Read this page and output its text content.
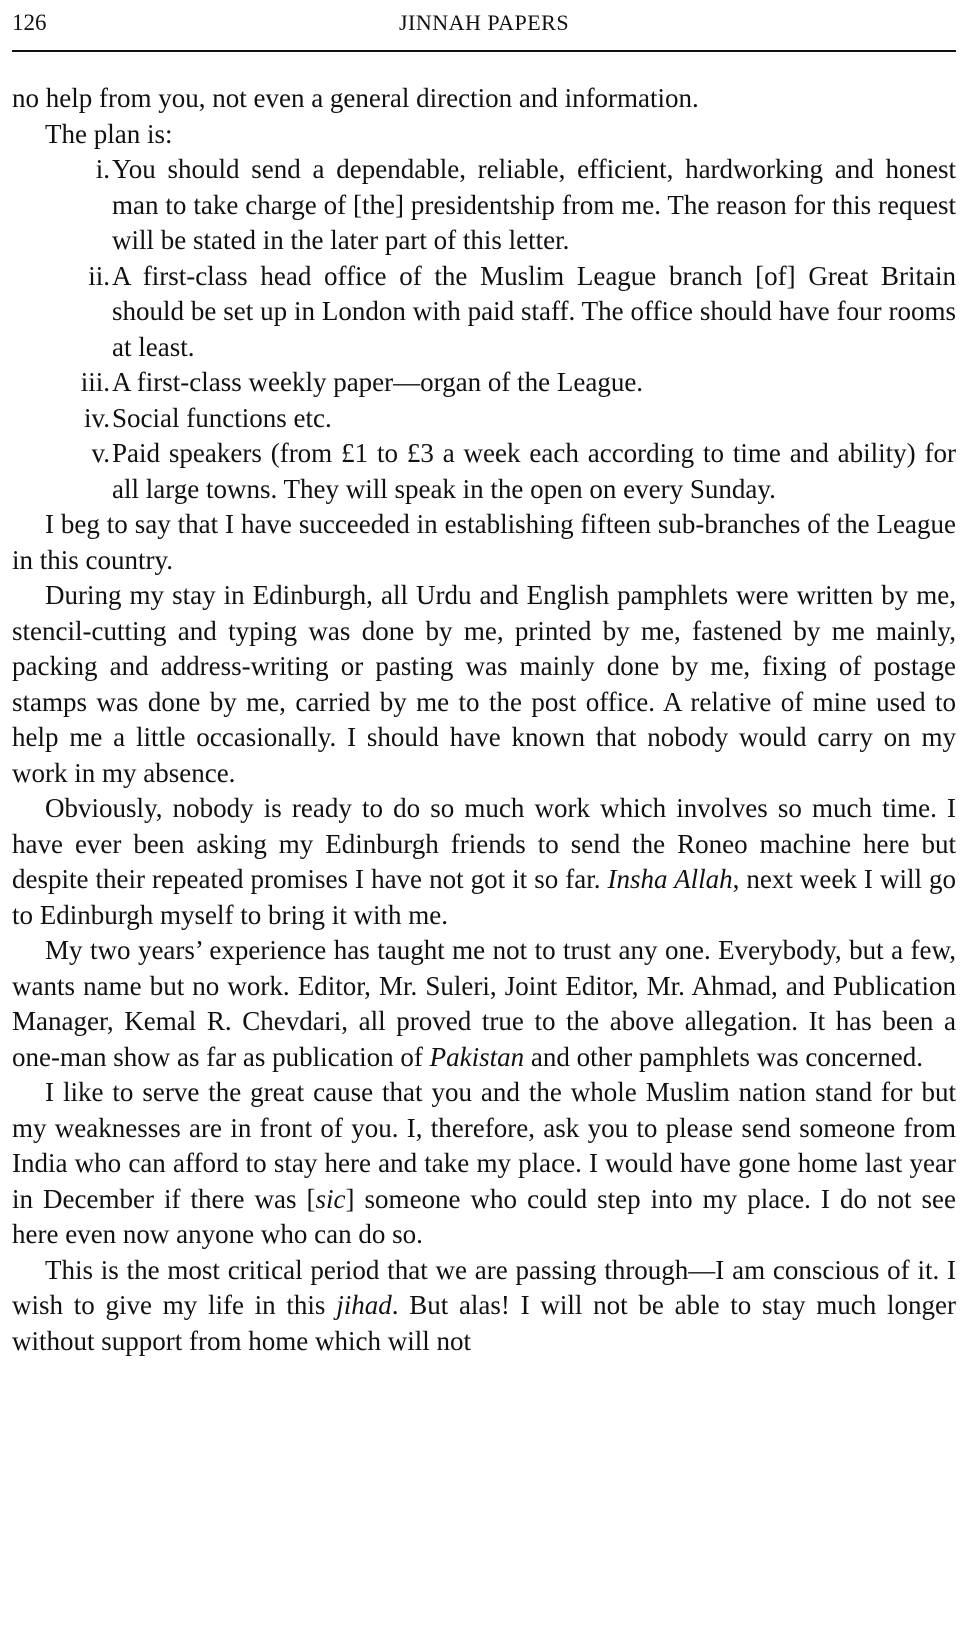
126	JINNAH PAPERS

no help from you, not even a general direction and information.

The plan is:

i. You should send a dependable, reliable, efficient, hardworking and honest man to take charge of [the] presidentship from me. The reason for this request will be stated in the later part of this letter.
ii. A first-class head office of the Muslim League branch [of] Great Britain should be set up in London with paid staff. The office should have four rooms at least.
iii. A first-class weekly paper—organ of the League.
iv. Social functions etc.
v. Paid speakers (from £1 to £3 a week each according to time and ability) for all large towns. They will speak in the open on every Sunday.

I beg to say that I have succeeded in establishing fifteen sub-branches of the League in this country.

During my stay in Edinburgh, all Urdu and English pamphlets were written by me, stencil-cutting and typing was done by me, printed by me, fastened by me mainly, packing and address-writing or pasting was mainly done by me, fixing of postage stamps was done by me, carried by me to the post office. A relative of mine used to help me a little occasionally. I should have known that nobody would carry on my work in my absence.

Obviously, nobody is ready to do so much work which involves so much time. I have ever been asking my Edinburgh friends to send the Roneo machine here but despite their repeated promises I have not got it so far. Insha Allah, next week I will go to Edinburgh myself to bring it with me.

My two years’ experience has taught me not to trust any one. Everybody, but a few, wants name but no work. Editor, Mr. Suleri, Joint Editor, Mr. Ahmad, and Publication Manager, Kemal R. Chevdari, all proved true to the above allegation. It has been a one-man show as far as publication of Pakistan and other pamphlets was concerned.

I like to serve the great cause that you and the whole Muslim nation stand for but my weaknesses are in front of you. I, therefore, ask you to please send someone from India who can afford to stay here and take my place. I would have gone home last year in December if there was [sic] someone who could step into my place. I do not see here even now anyone who can do so.

This is the most critical period that we are passing through—I am conscious of it. I wish to give my life in this jihad. But alas! I will not be able to stay much longer without support from home which will not
